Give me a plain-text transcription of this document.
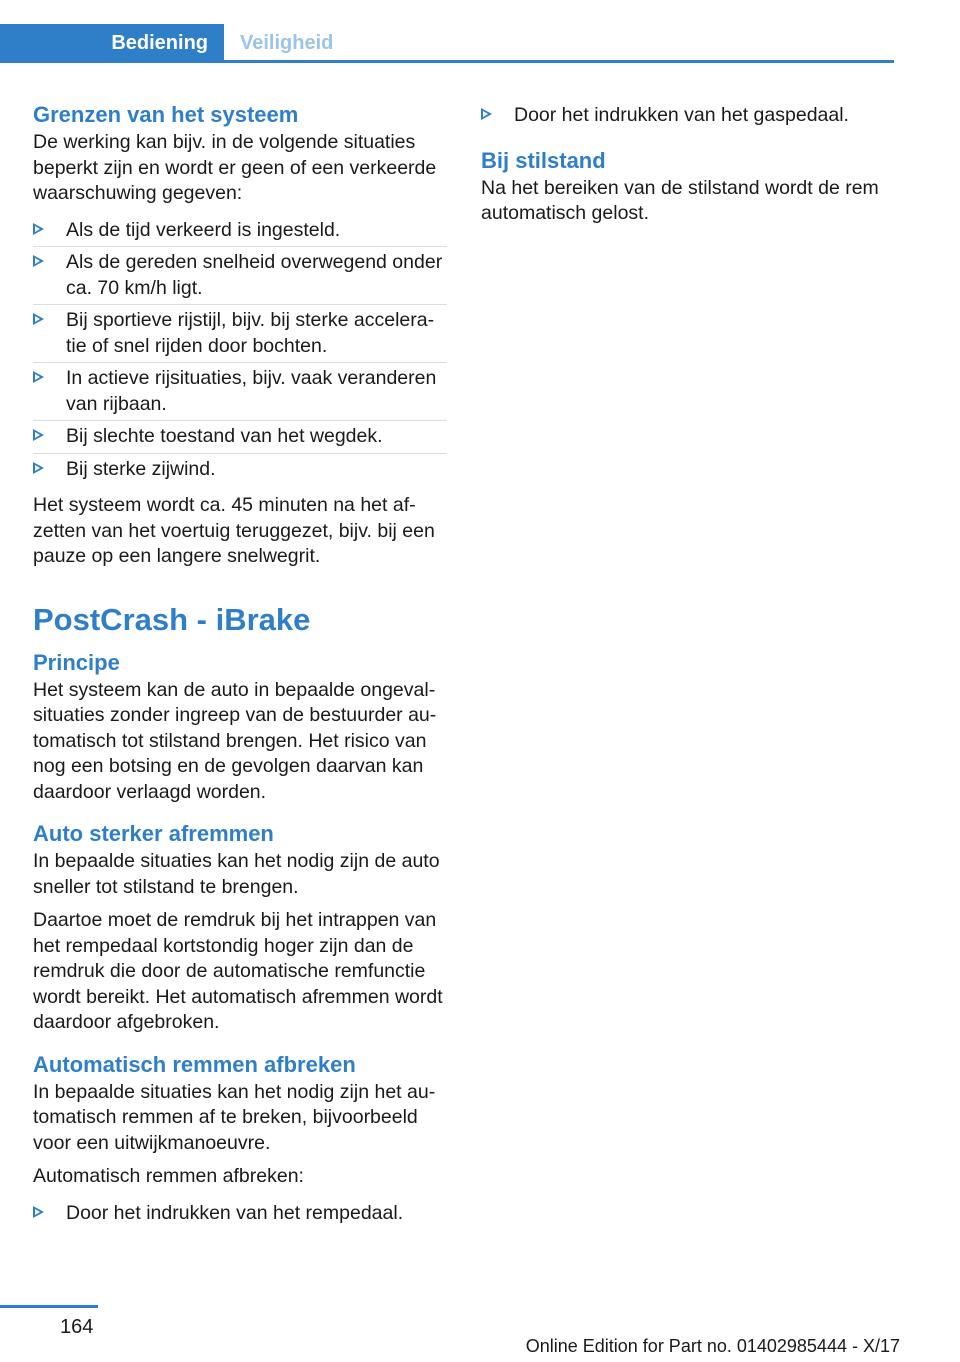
Bediening Veiligheid
Grenzen van het systeem

De werking kan bijv. in de volgende situaties beperkt zijn en wordt er geen of een verkeerde waarschuwing gegeven:

Als de tijd verkeerd is ingesteld.
Als de gereden snelheid overwegend onder ca. 70 km/h ligt.
Bij sportieve rijstijl, bijv. bij sterke acceleratie of snel rijden door bochten.
In actieve rijsituaties, bijv. vaak veranderen van rijbaan.
Bij slechte toestand van het wegdek.
Bij sterke zijwind.

Het systeem wordt ca. 45 minuten na het afzetten van het voertuig teruggezet, bijv. bij een pauze op een langere snelwegrit.

PostCrash - iBrake
Principe

Het systeem kan de auto in bepaalde ongevalsituaties zonder ingreep van de bestuurder automatisch tot stilstand brengen. Het risico van nog een botsing en de gevolgen daarvan kan daardoor verlaagd worden.

Auto sterker afremmen

In bepaalde situaties kan het nodig zijn de auto sneller tot stilstand te brengen.

Daartoe moet de remdruk bij het intrappen van het rempedaal kortstondig hoger zijn dan de remdruk die door de automatische remfunctie wordt bereikt. Het automatisch afremmen wordt daardoor afgebroken.

Automatisch remmen afbreken

In bepaalde situaties kan het nodig zijn het automatisch remmen af te breken, bijvoorbeeld voor een uitwijkmanoeuvre.

Automatisch remmen afbreken:

Door het indrukken van het rempedaal.
Door het indrukken van het gaspedaal.
Bij stilstand

Na het bereiken van de stilstand wordt de rem automatisch gelost.

164
Online Edition for Part no. 01402985444 - X/17
